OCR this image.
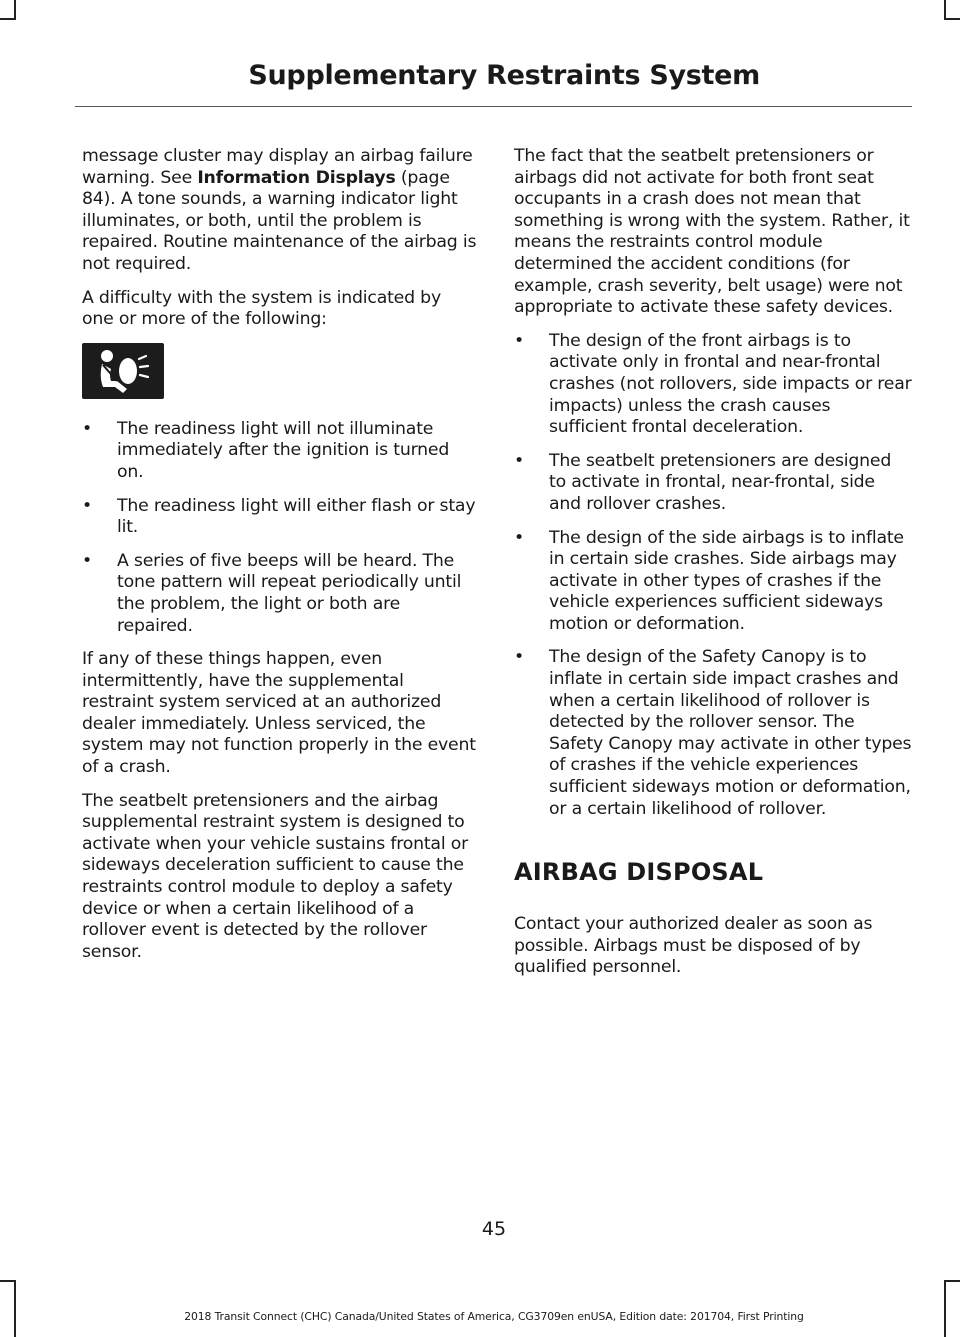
Supplementary Restraints System

message cluster may display an airbag failure warning. See Information Displays (page 84). A tone sounds, a warning indicator light illuminates, or both, until the problem is repaired. Routine maintenance of the airbag is not required.

A difficulty with the system is indicated by one or more of the following:

• The readiness light will not illuminate immediately after the ignition is turned on.
• The readiness light will either flash or stay lit.
• A series of five beeps will be heard. The tone pattern will repeat periodically until the problem, the light or both are repaired.

If any of these things happen, even intermittently, have the supplemental restraint system serviced at an authorized dealer immediately. Unless serviced, the system may not function properly in the event of a crash.

The seatbelt pretensioners and the airbag supplemental restraint system is designed to activate when your vehicle sustains frontal or sideways deceleration sufficient to cause the restraints control module to deploy a safety device or when a certain likelihood of a rollover event is detected by the rollover sensor.

The fact that the seatbelt pretensioners or airbags did not activate for both front seat occupants in a crash does not mean that something is wrong with the system. Rather, it means the restraints control module determined the accident conditions (for example, crash severity, belt usage) were not appropriate to activate these safety devices.

• The design of the front airbags is to activate only in frontal and near-frontal crashes (not rollovers, side impacts or rear impacts) unless the crash causes sufficient frontal deceleration.
• The seatbelt pretensioners are designed to activate in frontal, near-frontal, side and rollover crashes.
• The design of the side airbags is to inflate in certain side crashes. Side airbags may activate in other types of crashes if the vehicle experiences sufficient sideways motion or deformation.
• The design of the Safety Canopy is to inflate in certain side impact crashes and when a certain likelihood of rollover is detected by the rollover sensor. The Safety Canopy may activate in other types of crashes if the vehicle experiences sufficient sideways motion or deformation, or a certain likelihood of rollover.
AIRBAG DISPOSAL

Contact your authorized dealer as soon as possible. Airbags must be disposed of by qualified personnel.

45
2018 Transit Connect (CHC) Canada/United States of America, CG3709en enUSA, Edition date: 201704, First Printing
